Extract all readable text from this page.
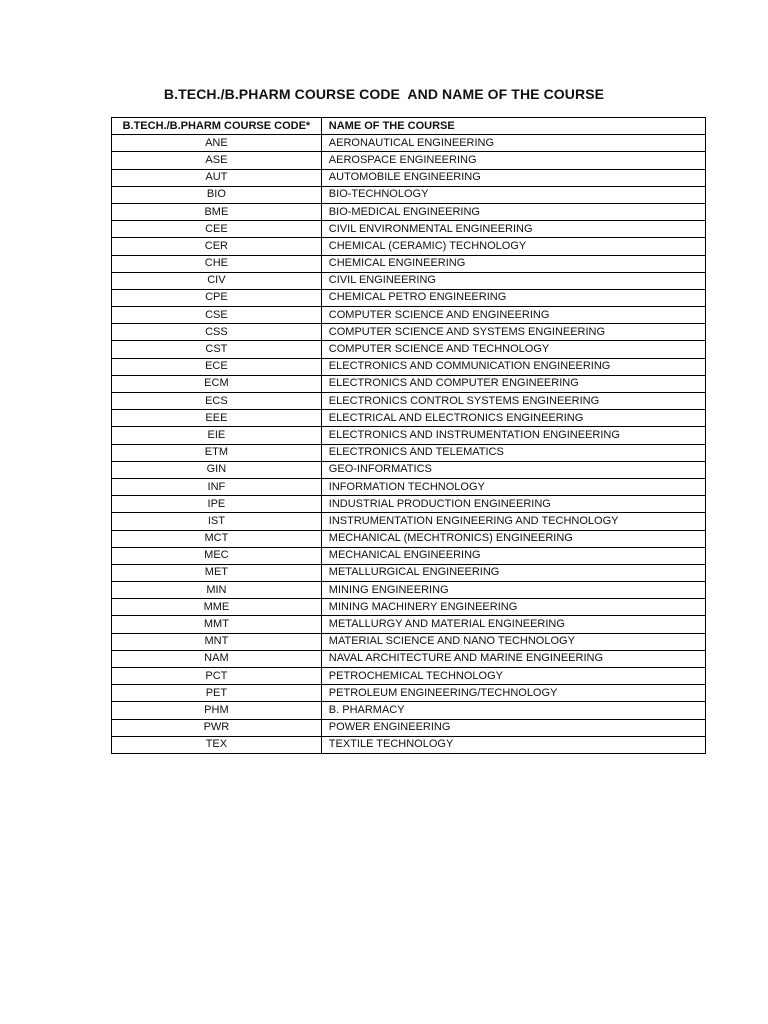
B.TECH./B.PHARM COURSE CODE  AND NAME OF THE COURSE
B.TECH./B.PHARM COURSE CODE*	NAME OF THE COURSE
ANE	AERONAUTICAL ENGINEERING
ASE	AEROSPACE ENGINEERING
AUT	AUTOMOBILE ENGINEERING
BIO	BIO-TECHNOLOGY
BME	BIO-MEDICAL ENGINEERING
CEE	CIVIL ENVIRONMENTAL ENGINEERING
CER	CHEMICAL (CERAMIC) TECHNOLOGY
CHE	CHEMICAL ENGINEERING
CIV	CIVIL ENGINEERING
CPE	CHEMICAL PETRO ENGINEERING
CSE	COMPUTER SCIENCE AND ENGINEERING
CSS	COMPUTER SCIENCE AND SYSTEMS ENGINEERING
CST	COMPUTER SCIENCE AND TECHNOLOGY
ECE	ELECTRONICS AND COMMUNICATION ENGINEERING
ECM	ELECTRONICS AND COMPUTER ENGINEERING
ECS	ELECTRONICS CONTROL SYSTEMS ENGINEERING
EEE	ELECTRICAL AND ELECTRONICS ENGINEERING
EIE	ELECTRONICS AND INSTRUMENTATION ENGINEERING
ETM	ELECTRONICS AND TELEMATICS
GIN	GEO-INFORMATICS
INF	INFORMATION TECHNOLOGY
IPE	INDUSTRIAL PRODUCTION ENGINEERING
IST	INSTRUMENTATION ENGINEERING AND TECHNOLOGY
MCT	MECHANICAL (MECHTRONICS) ENGINEERING
MEC	MECHANICAL ENGINEERING
MET	METALLURGICAL ENGINEERING
MIN	MINING ENGINEERING
MME	MINING MACHINERY ENGINEERING
MMT	METALLURGY AND MATERIAL ENGINEERING
MNT	MATERIAL SCIENCE AND NANO TECHNOLOGY
NAM	NAVAL ARCHITECTURE AND MARINE ENGINEERING
PCT	PETROCHEMICAL TECHNOLOGY
PET	PETROLEUM ENGINEERING/TECHNOLOGY
PHM	B. PHARMACY
PWR	POWER ENGINEERING
TEX	TEXTILE TECHNOLOGY
